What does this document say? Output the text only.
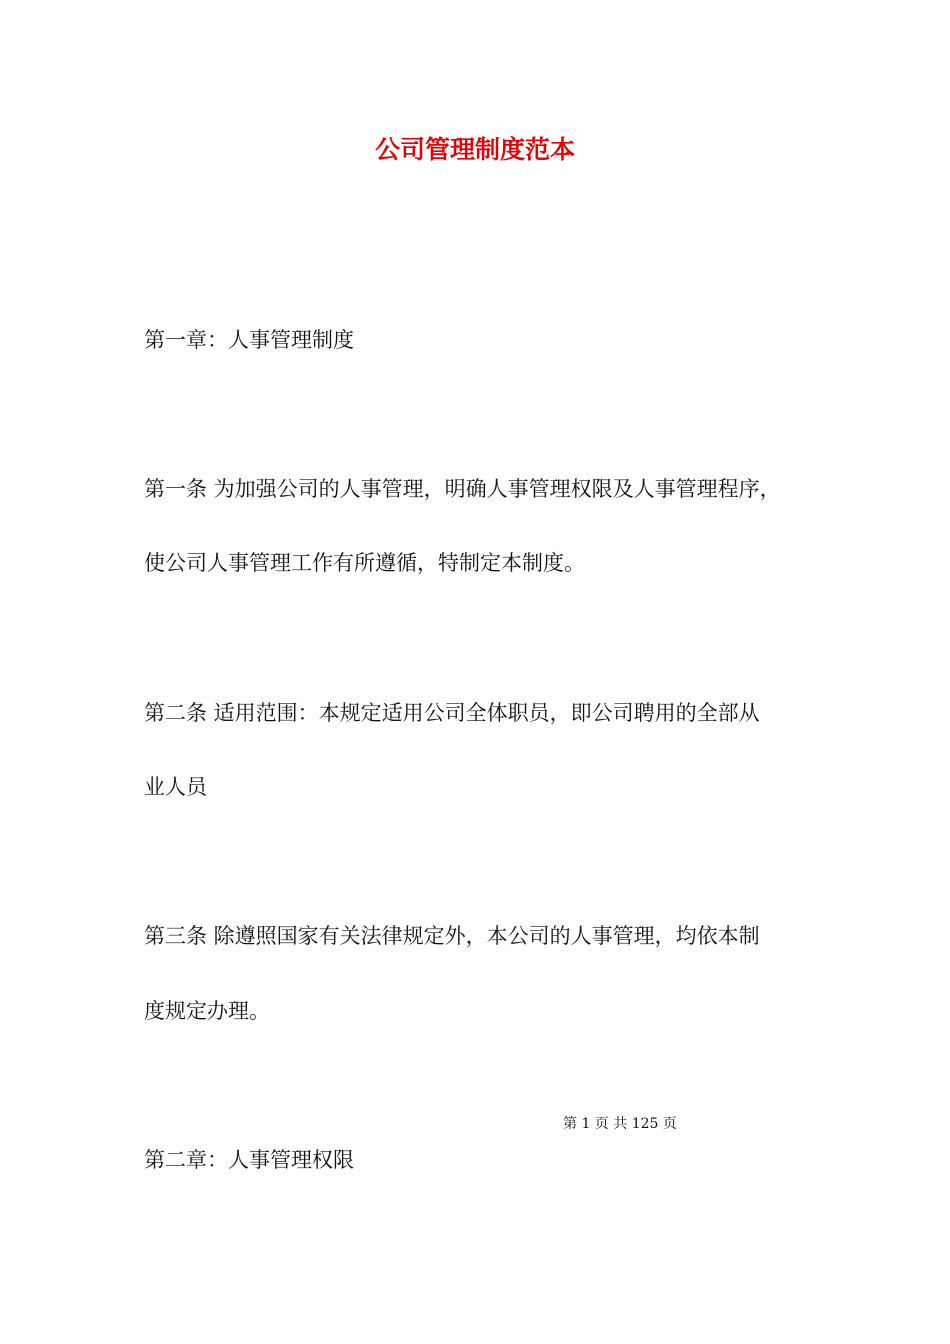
公司管理制度范本
第一章：人事管理制度
第一条 为加强公司的人事管理，明确人事管理权限及人事管理程序，
使公司人事管理工作有所遵循，特制定本制度。
第二条 适用范围：本规定适用公司全体职员，即公司聘用的全部从
业人员
第三条 除遵照国家有关法律规定外，本公司的人事管理，均依本制
度规定办理。
第 1 页 共 125 页
第二章：人事管理权限
